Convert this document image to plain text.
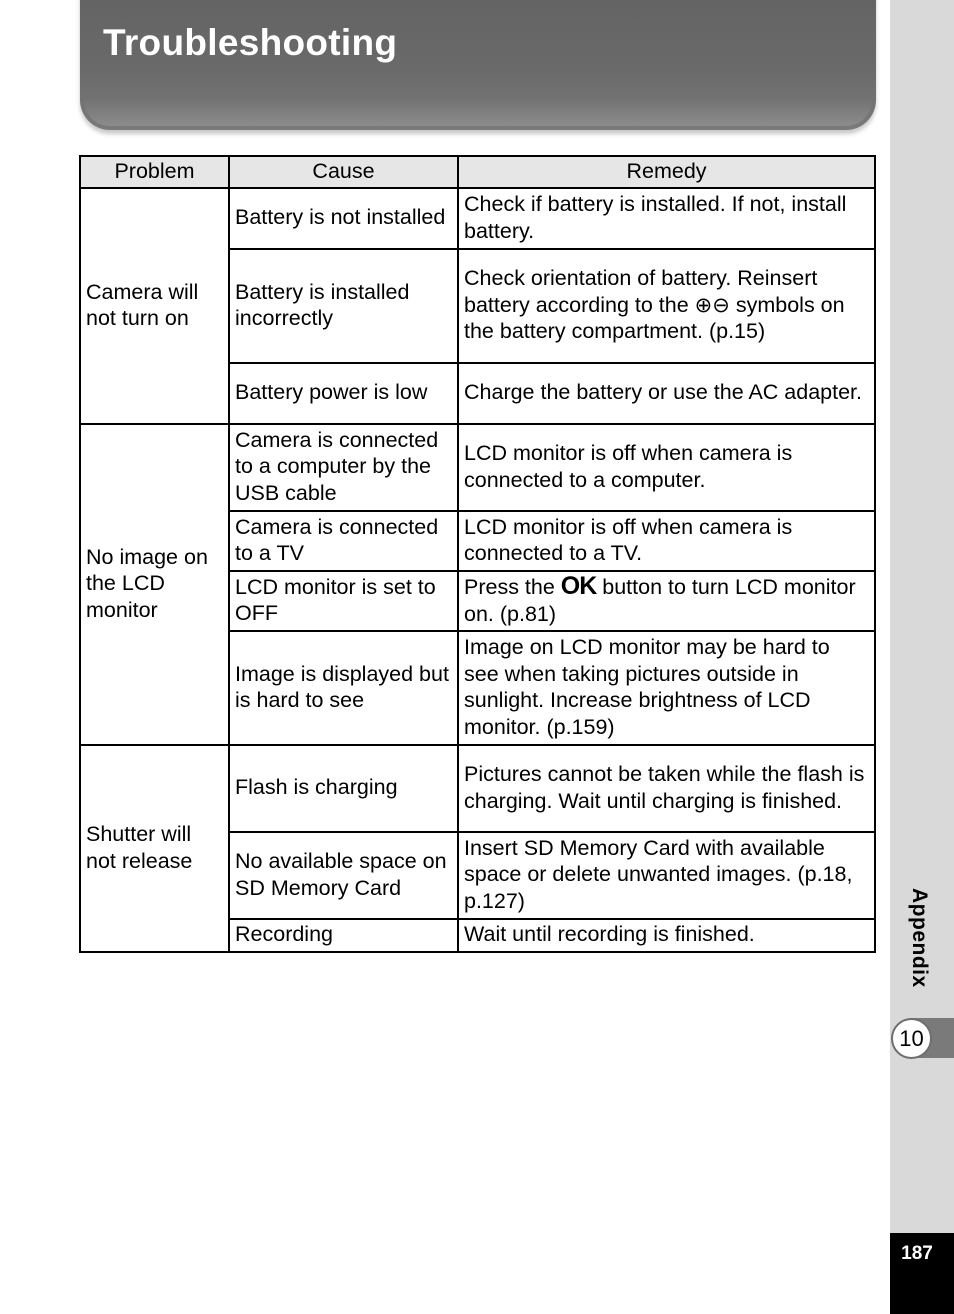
Troubleshooting
Problem	Cause	Remedy
Camera will not turn on	Battery is not installed	Check if battery is installed. If not, install battery.
	Battery is installed incorrectly	Check orientation of battery. Reinsert battery according to the ⊕⊖ symbols on the battery compartment. (p.15)
	Battery power is low	Charge the battery or use the AC adapter.
No image on the LCD monitor	Camera is connected to a computer by the USB cable	LCD monitor is off when camera is connected to a computer.
	Camera is connected to a TV	LCD monitor is off when camera is connected to a TV.
	LCD monitor is set to OFF	Press the OK button to turn LCD monitor on. (p.81)
	Image is displayed but is hard to see	Image on LCD monitor may be hard to see when taking pictures outside in sunlight. Increase brightness of LCD monitor. (p.159)
Shutter will not release	Flash is charging	Pictures cannot be taken while the flash is charging. Wait until charging is finished.
	No available space on SD Memory Card	Insert SD Memory Card with available space or delete unwanted images. (p.18, p.127)
	Recording	Wait until recording is finished.	Appendix
10
187
